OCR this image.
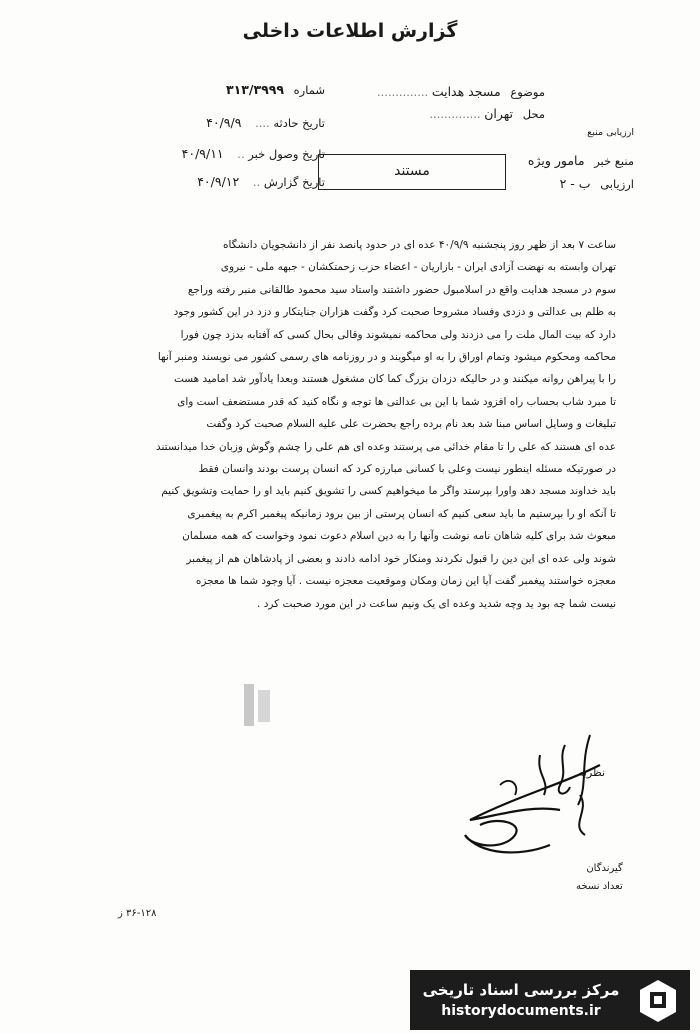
گزارش اطلاعات داخلی
موضوع مسجد هدایت ..............
محل تهران ..............
ارزیابی منبع
منبع خبر مامور ویژه
ارزیابی ب - ۲
شماره ۳۱۳/۳۹۹۹
تاریخ حادثه .... ۴۰/۹/۹
تاریخ وصول خبر .. ۴۰/۹/۱۱
تاریخ گزارش .. ۴۰/۹/۱۲
مستند

ساعت ۷ بعد از ظهر روز پنجشنبه ۴۰/۹/۹ عده ای در حدود پانصد نفر از دانشجویان دانشگاه

تهران وابسته به نهضت آزادی ایران - بازاریان - اعضاء حزب زحمتکشان - جبهه ملی - نیروی

سوم در مسجد هدایت واقع در اسلامبول حضور داشتند واستاد سید محمود طالقانی منبر رفته وراجع

به ظلم بی عدالتی و دزدی وفساد مشروحا صحبت کرد وگفت هزاران جنایتکار و دزد در این کشور وجود

دارد که بیت المال ملت را می دزدند ولی محاکمه نمیشوند وقالی بحال کسی که آفتابه بدزد چون فورا

محاکمه ومحکوم میشود وتمام اوراق را به او میگویند و در روزنامه های رسمی کشور می نویسند ومنبر آنها

را با پیراهن روانه میکنند و در حالیکه دزدان بزرگ کما کان مشغول هستند وبعدا یادآور شد امامید هست

تا مبرد شاب بحساب راه افزود شما با این بی عدالتی ها توجه و نگاه کنید که قدر مستضعف است وای

تبلیغات و وسایل اساس مبنا شد بعد نام برده راجع بحضرت علی علیه السلام صحبت کرد وگفت

عده ای هستند که علی را تا مقام خدائی می پرستند وعده ای هم علی را چشم وگوش وزبان خدا میدانستند

در صورتیکه مسئله اینطور نیست وعلی با کسانی مبارزه کرد که انسان پرست بودند وانسان فقط

باید خداوند مسجد دهد واورا بپرستد واگر ما میخواهیم کسی را تشویق کنیم باید او را حمایت وتشویق کنیم

تا آنکه او را بپرستیم ما باید سعی کنیم که انسان پرستی از بین برود زمانیکه پیغمبر اکرم به پیغمبری

مبعوث شد برای کلیه شاهان نامه نوشت وآنها را به دین اسلام دعوت نمود وخواست که همه مسلمان

شوند ولی عده ای این دین را قبول نکردند ومنکار خود ادامه دادند و بعضی از پادشاهان هم از پیغمبر

معجزه خواستند پیغمبر گفت آیا این زمان ومکان وموقعیت معجزه نیست . آیا وجود شما ها معجزه

نیست شما چه بود ید وچه شدید وعده ای یک ونیم ساعت در این مورد صحبت کرد .

نظریه
گیرندگان
تعداد نسخه
۳۶-۱۲۸ ز
مرکز بررسی اسناد تاریخی
historydocuments.ir
